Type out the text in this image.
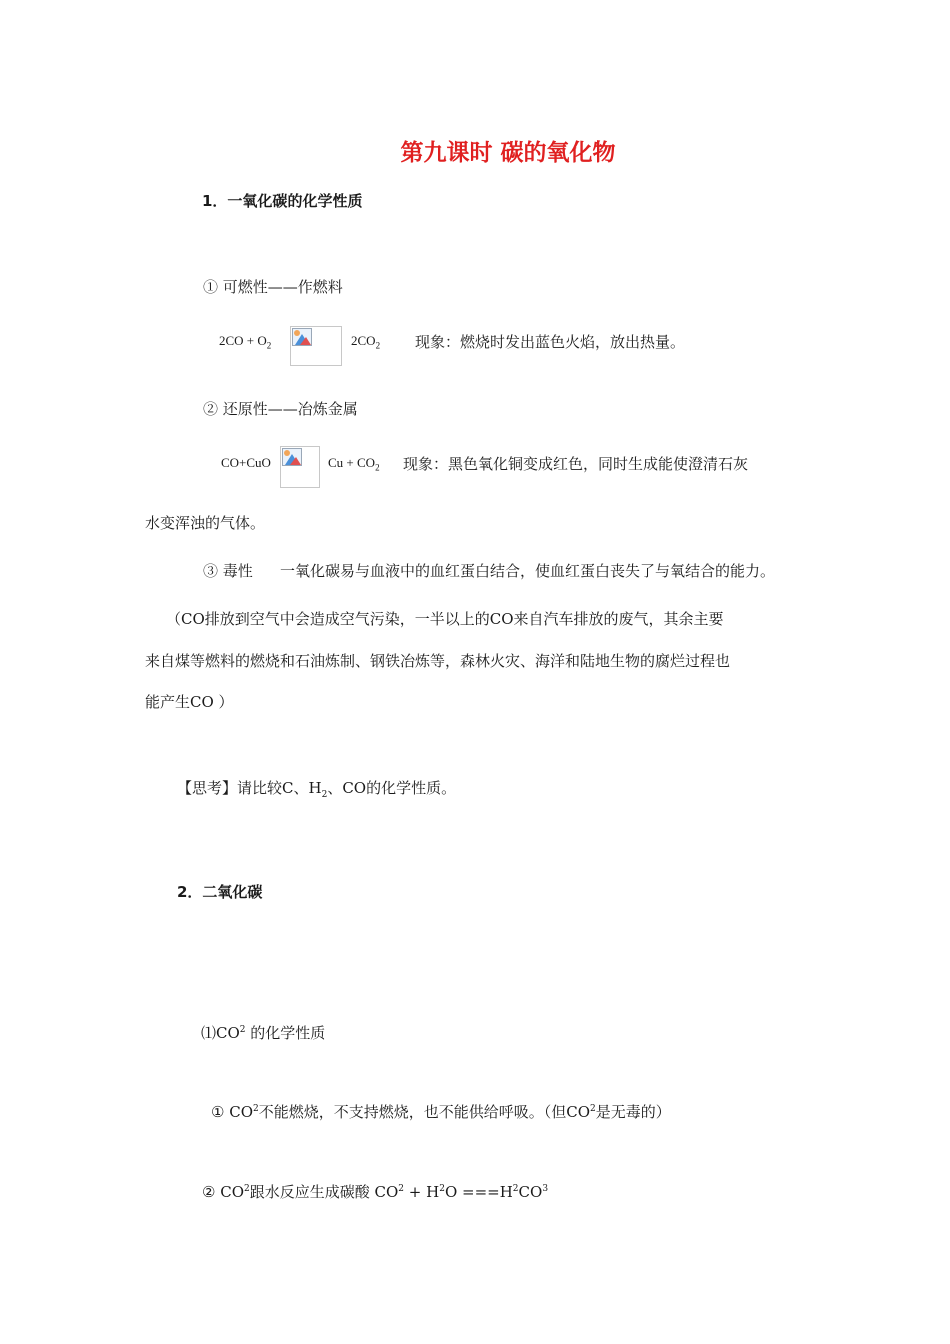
第九课时 碳的氧化物
1．一氧化碳的化学性质
① 可燃性——作燃料
$2CO + O_2$	$2CO_2$ 现象：燃烧时发出蓝色火焰，放出热量。
② 还原性——冶炼金属
CO+CuO	$Cu + CO_2$ 现象：黑色氧化铜变成红色，同时生成能使澄清石灰
水变浑浊的气体。
③ 毒性 一氧化碳易与血液中的血红蛋白结合，使血红蛋白丧失了与氧结合的能力。
（CO排放到空气中会造成空气污染，一半以上的CO来自汽车排放的废气，其余主要
来自煤等燃料的燃烧和石油炼制、钢铁冶炼等，森林火灾、海洋和陆地生物的腐烂过程也
能产生CO ）
【思考】请比较C、$H_2$、CO的化学性质。
2．二氧化碳
$⑴CO^2$ 的化学性质
① $CO^2$不能燃烧，不支持燃烧，也不能供给呼吸。（但$CO^2$是无毒的）
② $CO^2$跟水反应生成碳酸 $CO^2 + H^2O ===H^2CO^3$
